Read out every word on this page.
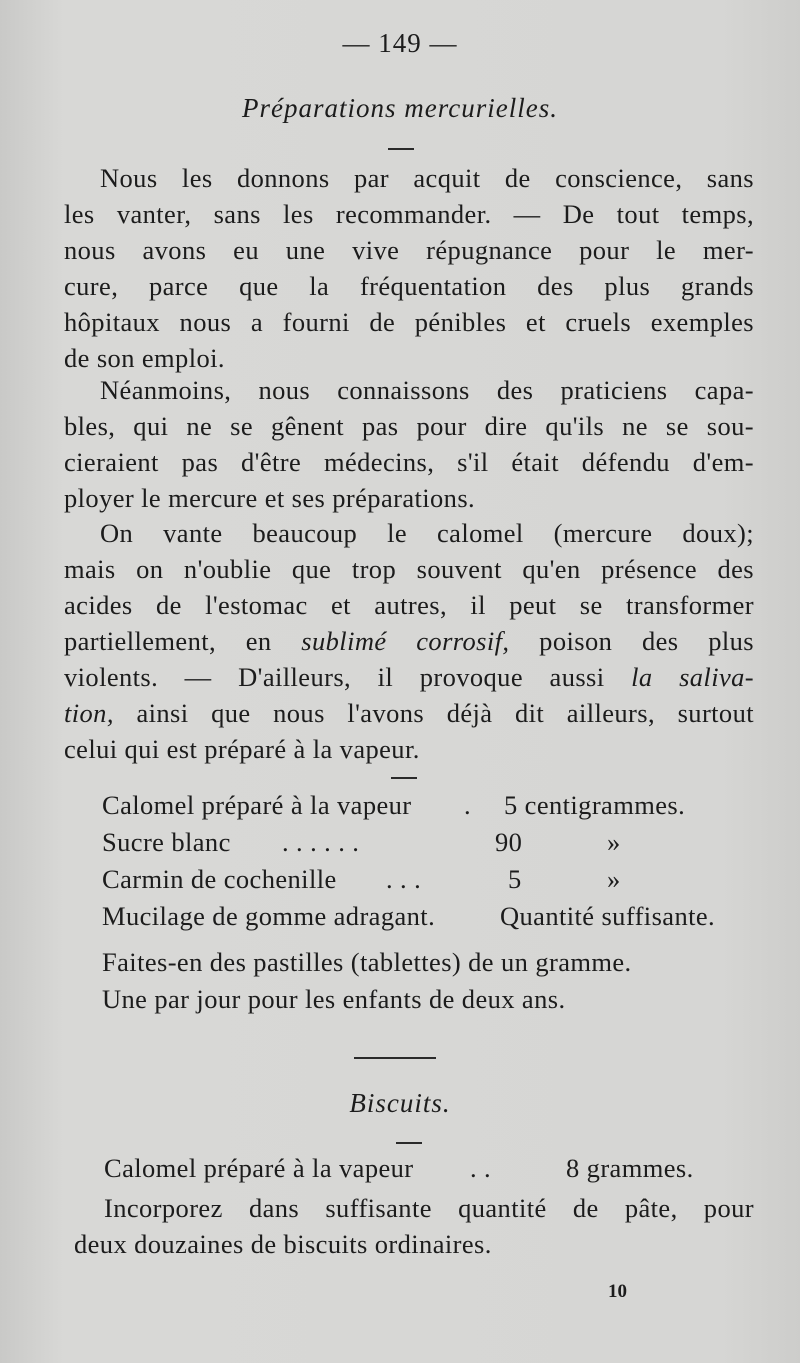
— 149 —
Préparations mercurielles.
Nous les donnons par acquit de conscience, sans
les vanter, sans les recommander. — De tout temps,
nous avons eu une vive répugnance pour le mer-
cure, parce que la fréquentation des plus grands
hôpitaux nous a fourni de pénibles et cruels exemples
de son emploi.
Néanmoins, nous connaissons des praticiens capa-
bles, qui ne se gênent pas pour dire qu'ils ne se sou-
cieraient pas d'être médecins, s'il était défendu d'em-
ployer le mercure et ses préparations.
On vante beaucoup le calomel (mercure doux);
mais on n'oublie que trop souvent qu'en présence des
acides de l'estomac et autres, il peut se transformer
partiellement, en sublimé corrosif, poison des plus
violents. — D'ailleurs, il provoque aussi la saliva-
tion, ainsi que nous l'avons déjà dit ailleurs, surtout
celui qui est préparé à la vapeur.
Calomel préparé à la vapeur . 5 centigrammes.
Sucre blanc . . . . . .	90	»
Carmin de cochenille . . .	5	»
Mucilage de gomme adragant. Quantité suffisante.
Faites-en des pastilles (tablettes) de un gramme.
Une par jour pour les enfants de deux ans.
Biscuits.
Calomel préparé à la vapeur . .	8 grammes.
Incorporez dans suffisante quantité de pâte, pour
deux douzaines de biscuits ordinaires.
10
